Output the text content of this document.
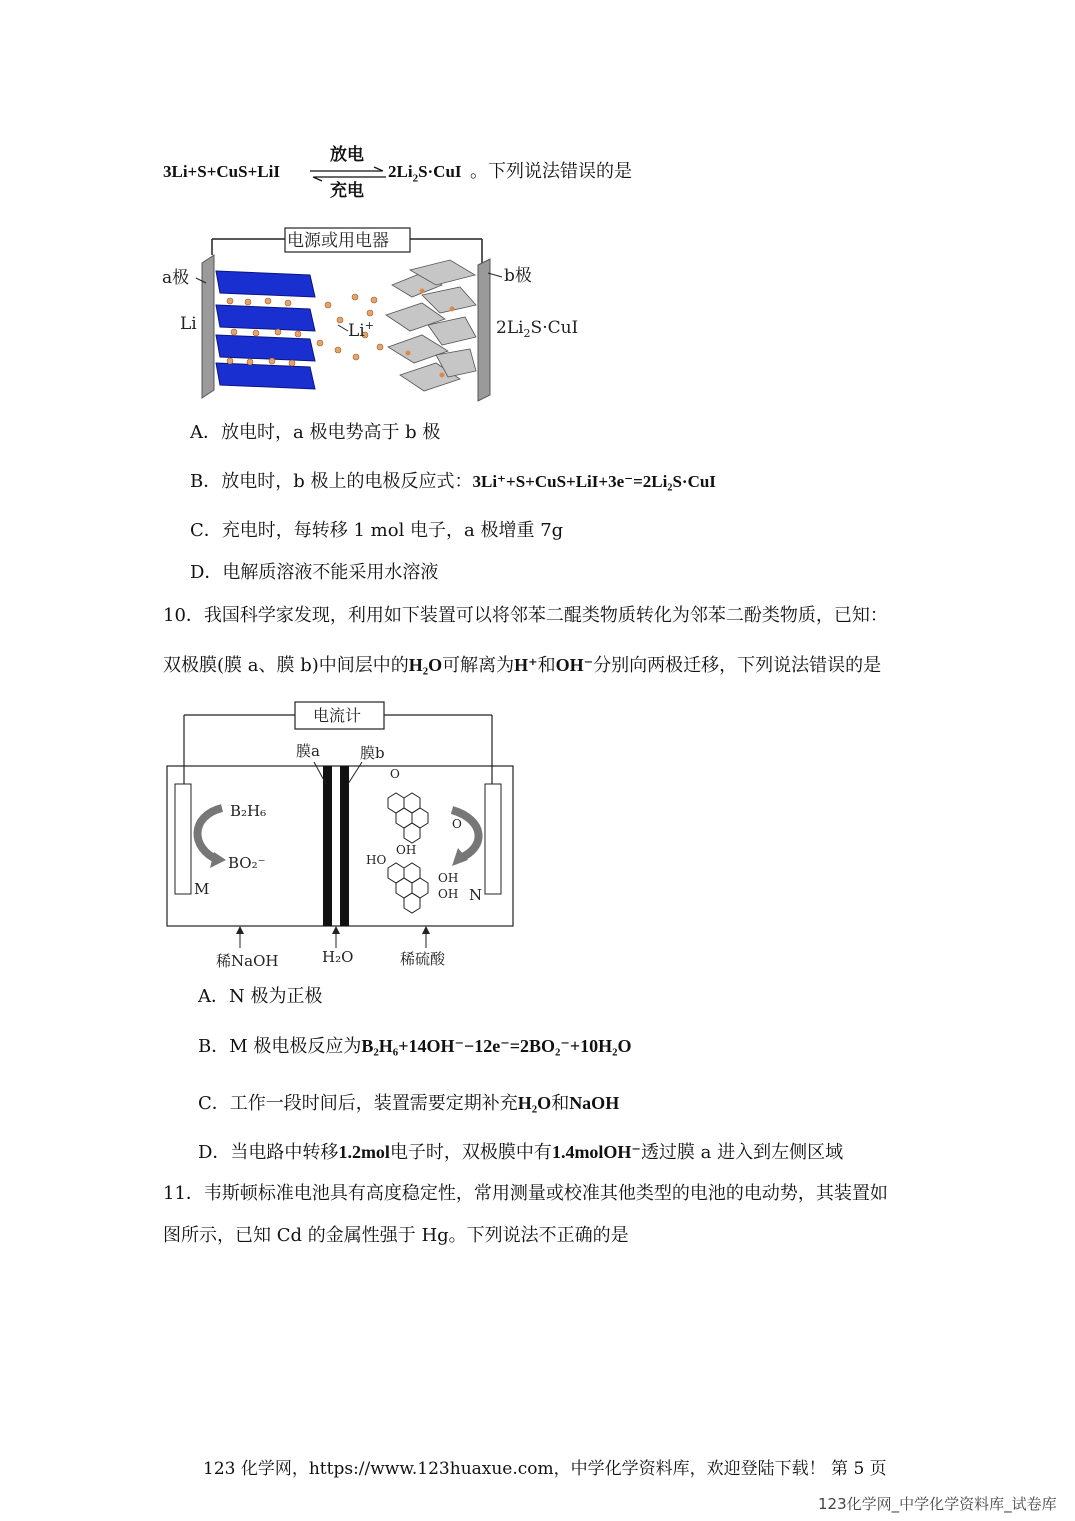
3Li+S+CuS+LiI
放电
充电
$2Li_2S\cdot CuI$ 。下列说法错误的是
电源或用电器
a极	b极
Li	Li+	$2Li_2S\cdot CuI$
A．放电时，a 极电势高于 b 极
B．放电时，b 极上的电极反应式：3Li⁺+S+CuS+LiI+3e⁻=2Li₂S·CuI
C．充电时，每转移 1 mol 电子，a 极增重 7g
D．电解质溶液不能采用水溶液
10．我国科学家发现，利用如下装置可以将邻苯二醌类物质转化为邻苯二酚类物质，已知：
双极膜(膜 a、膜 b)中间层中的H₂O可解离为H⁺和OH⁻分别向两极迁移，下列说法错误的是
电流计
M	N
膜a	膜b
B₂H₆
BO₂⁻
O
O
HO
OH
OH
OH
稀NaOH	H₂O	稀硫酸
A．N 极为正极
B．M 极电极反应为B₂H₆+14OH⁻−12e⁻=2BO₂⁻+10H₂O
C．工作一段时间后，装置需要定期补充H₂O和NaOH
D．当电路中转移1.2mol电子时，双极膜中有1.4molOH⁻透过膜 a 进入到左侧区域
11．韦斯顿标准电池具有高度稳定性，常用测量或校准其他类型的电池的电动势，其装置如
图所示，已知 Cd 的金属性强于 Hg。下列说法不正确的是
123 化学网，https://www.123huaxue.com，中学化学资料库，欢迎登陆下载！ 第 5 页
123化学网_中学化学资料库_试卷库
